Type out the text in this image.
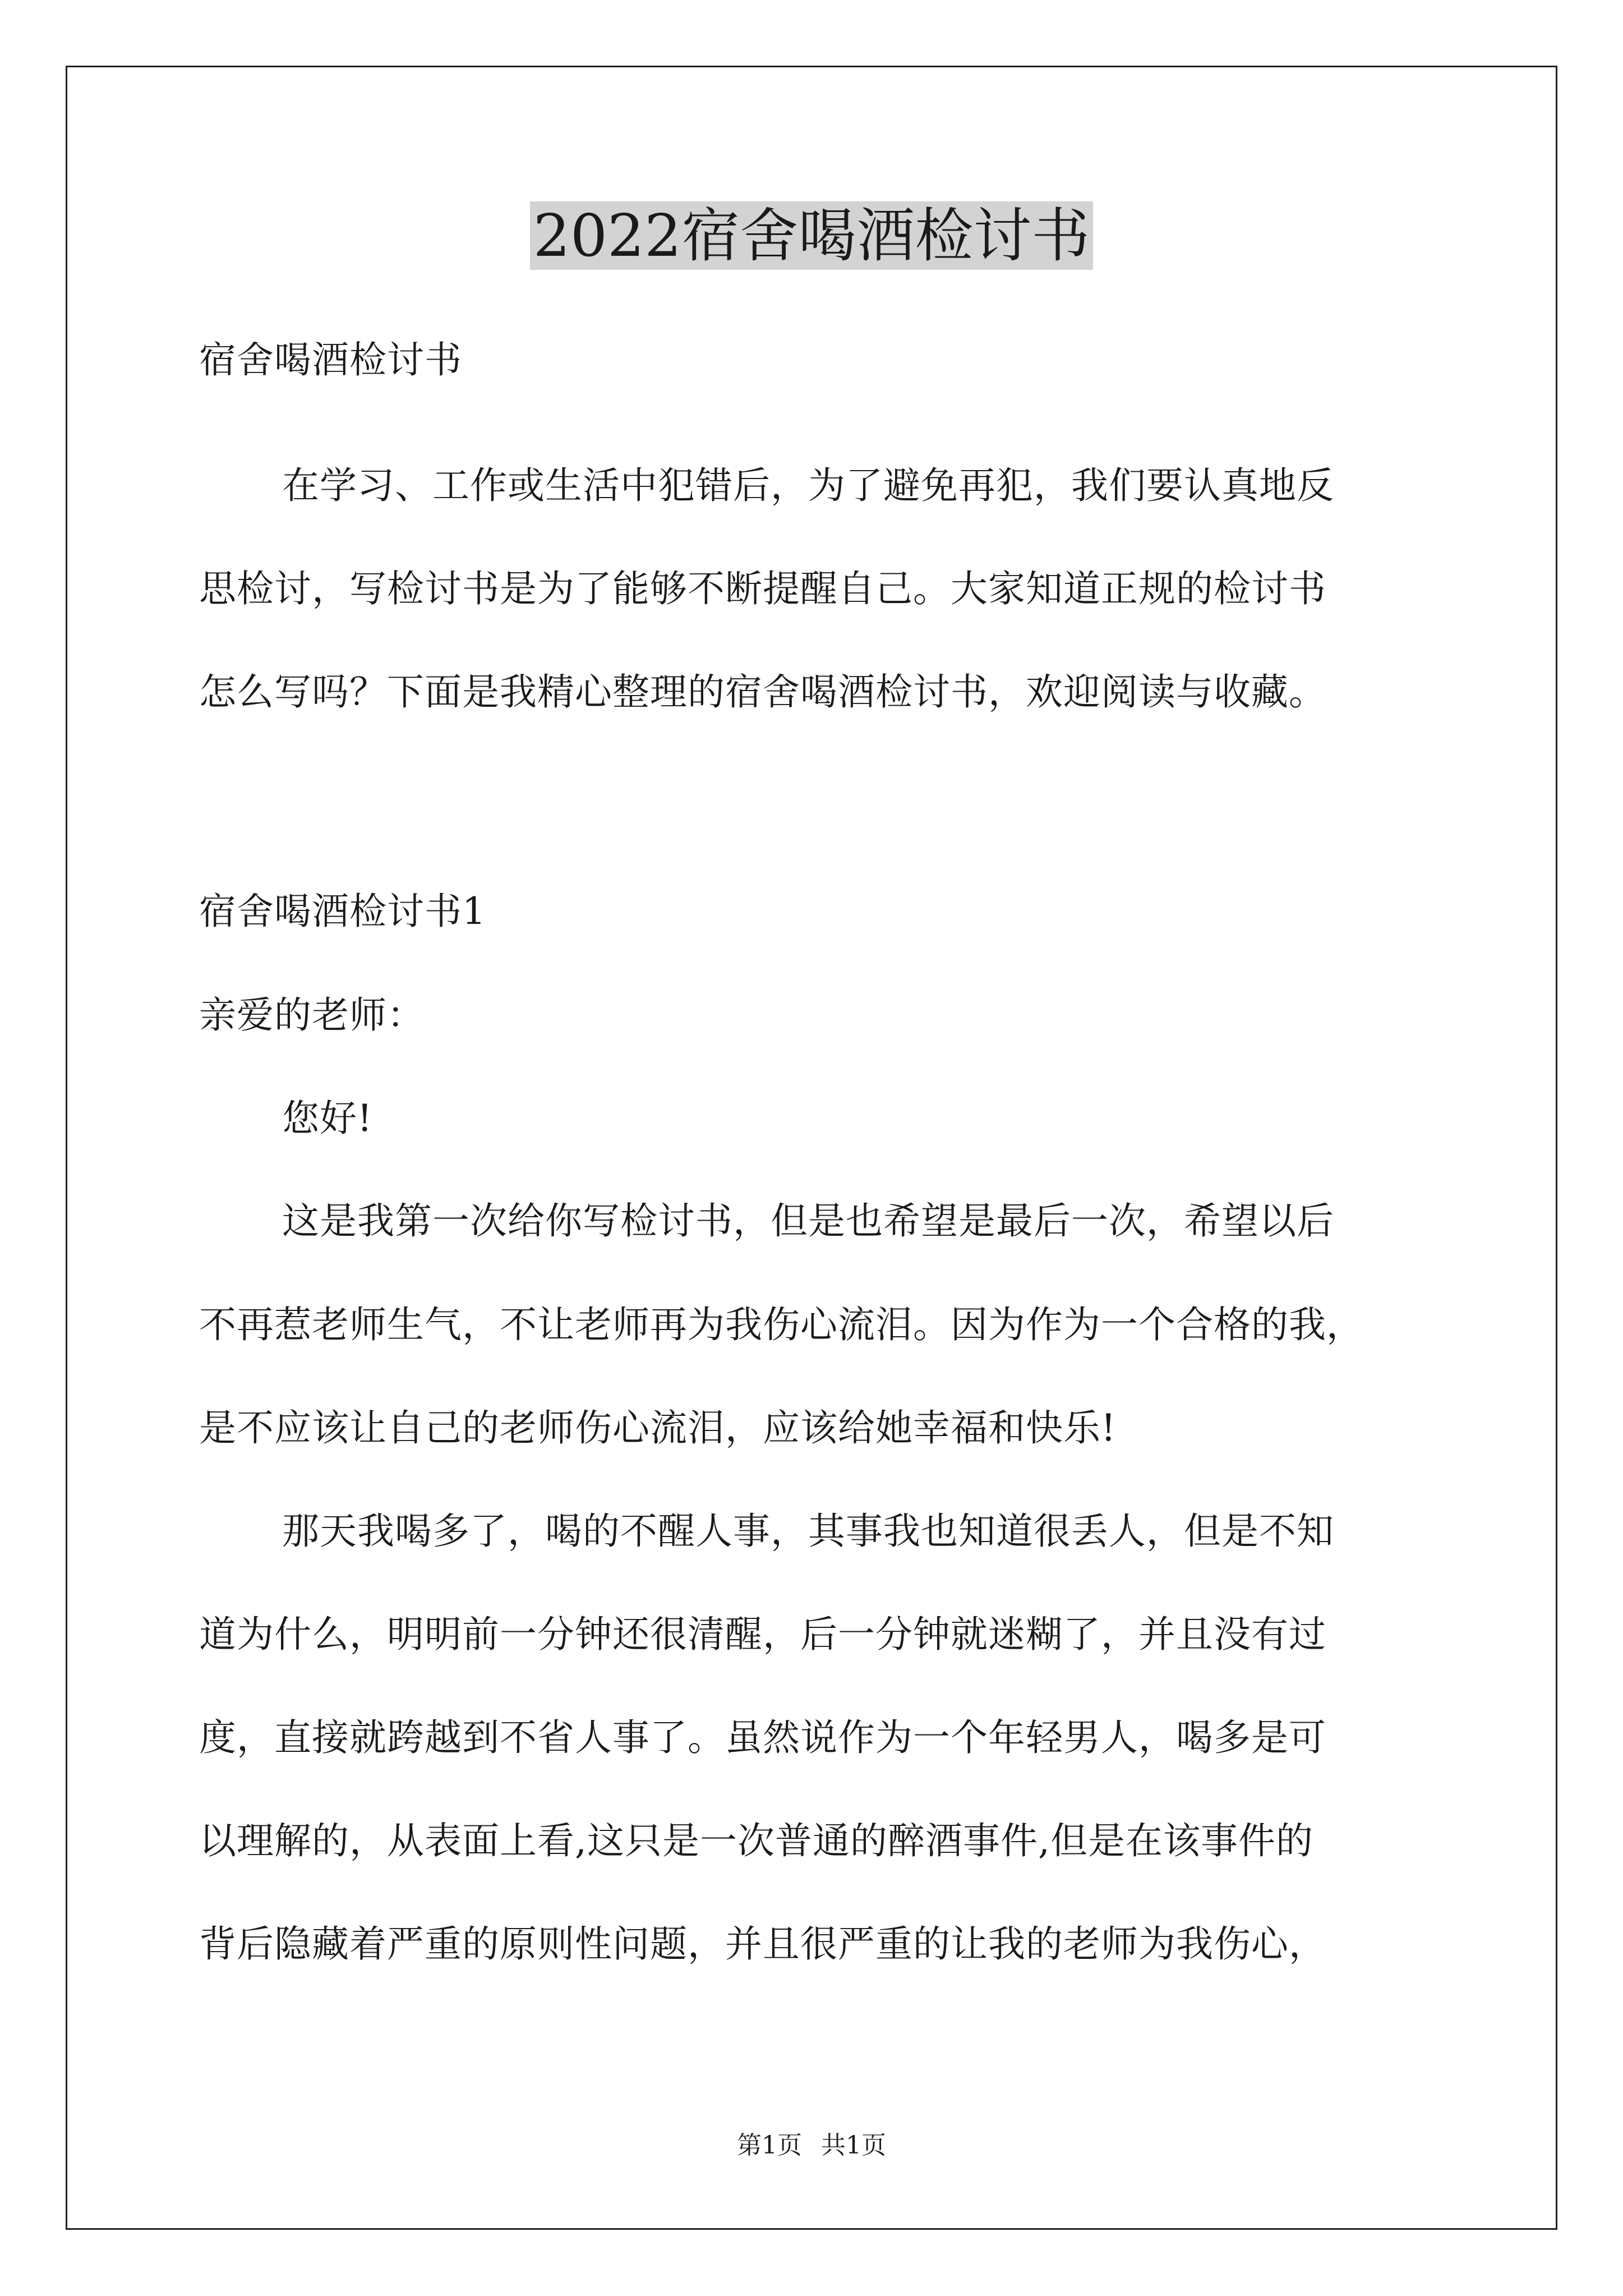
2022宿舍喝酒检讨书
宿舍喝酒检讨书
在学习、工作或生活中犯错后，为了避免再犯，我们要认真地反
思检讨，写检讨书是为了能够不断提醒自己。大家知道正规的检讨书
怎么写吗？下面是我精心整理的宿舍喝酒检讨书，欢迎阅读与收藏。
宿舍喝酒检讨书1
亲爱的老师：
您好!
这是我第一次给你写检讨书，但是也希望是最后一次，希望以后
不再惹老师生气，不让老师再为我伤心流泪。因为作为一个合格的我，
是不应该让自己的老师伤心流泪，应该给她幸福和快乐!
那天我喝多了，喝的不醒人事，其事我也知道很丢人，但是不知
道为什么，明明前一分钟还很清醒，后一分钟就迷糊了，并且没有过
度，直接就跨越到不省人事了。虽然说作为一个年轻男人，喝多是可
以理解的，从表面上看,这只是一次普通的醉酒事件,但是在该事件的
背后隐藏着严重的原则性问题，并且很严重的让我的老师为我伤心，
第1页 共1页
